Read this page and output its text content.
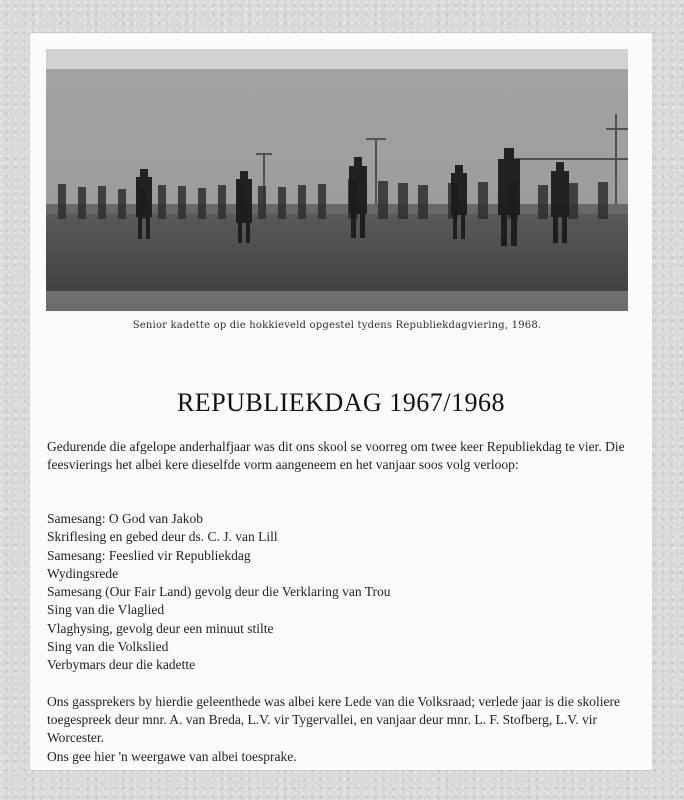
Senior kadette op die hokkieveld opgestel tydens Republiekdagviering, 1968.
REPUBLIEKDAG 1967/1968
Gedurende die afgelope anderhalfjaar was dit ons skool se voorreg om twee keer Republiekdag te vier. Die feesvierings het albei kere dieselfde vorm aangeneem en het vanjaar soos volg verloop:
Samesang: O God van Jakob
Skriflesing en gebed deur ds. C. J. van Lill
Samesang: Feeslied vir Republiekdag
Wydingsrede
Samesang (Our Fair Land) gevolg deur die Verklaring van Trou
Sing van die Vlaglied
Vlaghysing, gevolg deur een minuut stilte
Sing van die Volkslied
Verbymars deur die kadette

Ons gassprekers by hierdie geleenthede was albei kere Lede van die Volksraad; verlede jaar is die skoliere toegespreek deur mnr. A. van Breda, L.V. vir Tygervallei, en vanjaar deur mnr. L. F. Stofberg, L.V. vir Worcester.

Ons gee hier 'n weergawe van albei toesprake.
